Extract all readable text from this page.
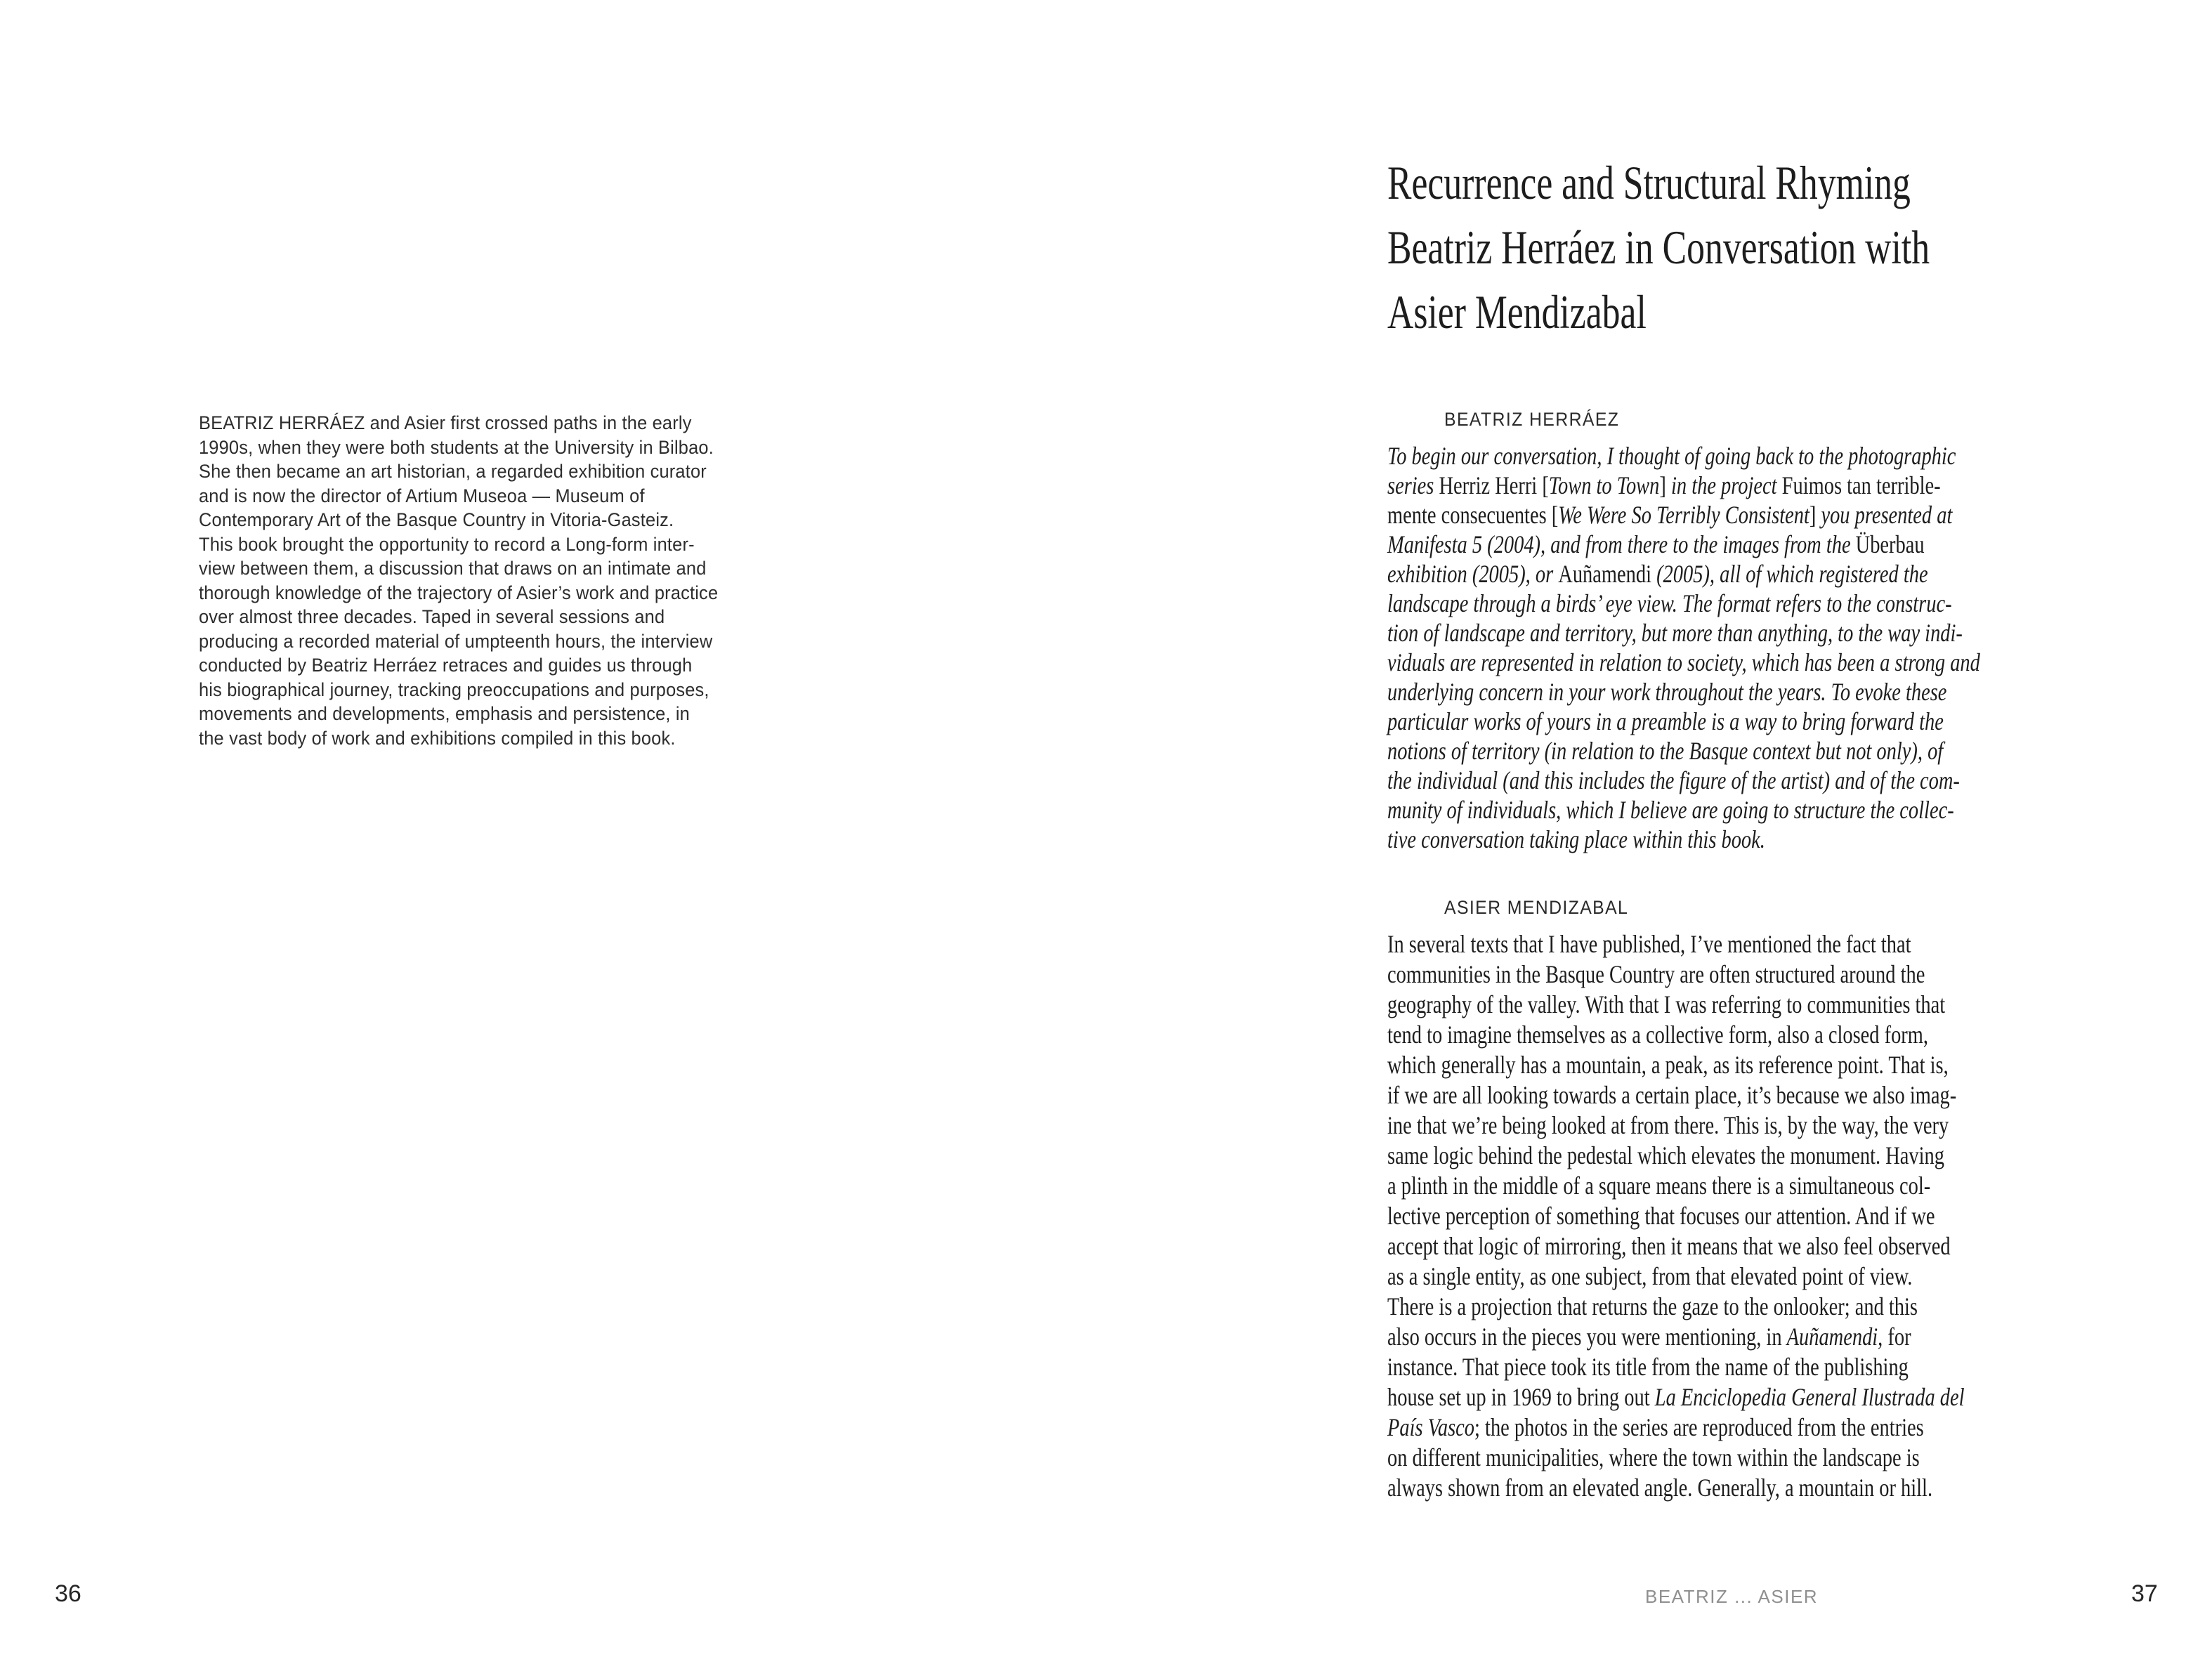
BEATRIZ HERRÁEZ and Asier first crossed paths in the early
1990s, when they were both students at the University in Bilbao.
She then became an art historian, a regarded exhibition curator
and is now the director of Artium Museoa — Museum of
Contemporary Art of the Basque Country in Vitoria-Gasteiz.
This book brought the opportunity to record a Long-form inter-
view between them, a discussion that draws on an intimate and
thorough knowledge of the trajectory of Asier’s work and practice
over almost three decades. Taped in several sessions and
producing a recorded material of umpteenth hours, the interview
conducted by Beatriz Herráez retraces and guides us through
his biographical journey, tracking preoccupations and purposes,
movements and developments, emphasis and persistence, in
the vast body of work and exhibitions compiled in this book.
36
Recurrence and Structural Rhyming
Beatriz Herráez in Conversation with
Asier Mendizabal
BEATRIZ HERRÁEZ
To begin our conversation, I thought of going back to the photographic
series Herriz Herri [Town to Town] in the project Fuimos tan terrible-
mente consecuentes [We Were So Terribly Consistent] you presented at
Manifesta 5 (2004), and from there to the images from the Überbau
exhibition (2005), or Auñamendi (2005), all of which registered the
landscape through a birds’ eye view. The format refers to the construc-
tion of landscape and territory, but more than anything, to the way indi-
viduals are represented in relation to society, which has been a strong and
underlying concern in your work throughout the years. To evoke these
particular works of yours in a preamble is a way to bring forward the
notions of territory (in relation to the Basque context but not only), of
the individual (and this includes the figure of the artist) and of the com-
munity of individuals, which I believe are going to structure the collec-
tive conversation taking place within this book.
ASIER MENDIZABAL
In several texts that I have published, I’ve mentioned the fact that
communities in the Basque Country are often structured around the
geography of the valley. With that I was referring to communities that
tend to imagine themselves as a collective form, also a closed form,
which generally has a mountain, a peak, as its reference point. That is,
if we are all looking towards a certain place, it’s because we also imag-
ine that we’re being looked at from there. This is, by the way, the very
same logic behind the pedestal which elevates the monument. Having
a plinth in the middle of a square means there is a simultaneous col-
lective perception of something that focuses our attention. And if we
accept that logic of mirroring, then it means that we also feel observed
as a single entity, as one subject, from that elevated point of view.
There is a projection that returns the gaze to the onlooker; and this
also occurs in the pieces you were mentioning, in Auñamendi, for
instance. That piece took its title from the name of the publishing
house set up in 1969 to bring out La Enciclopedia General Ilustrada del
País Vasco; the photos in the series are reproduced from the entries
on different municipalities, where the town within the landscape is
always shown from an elevated angle. Generally, a mountain or hill.
BEATRIZ ... ASIER	37
